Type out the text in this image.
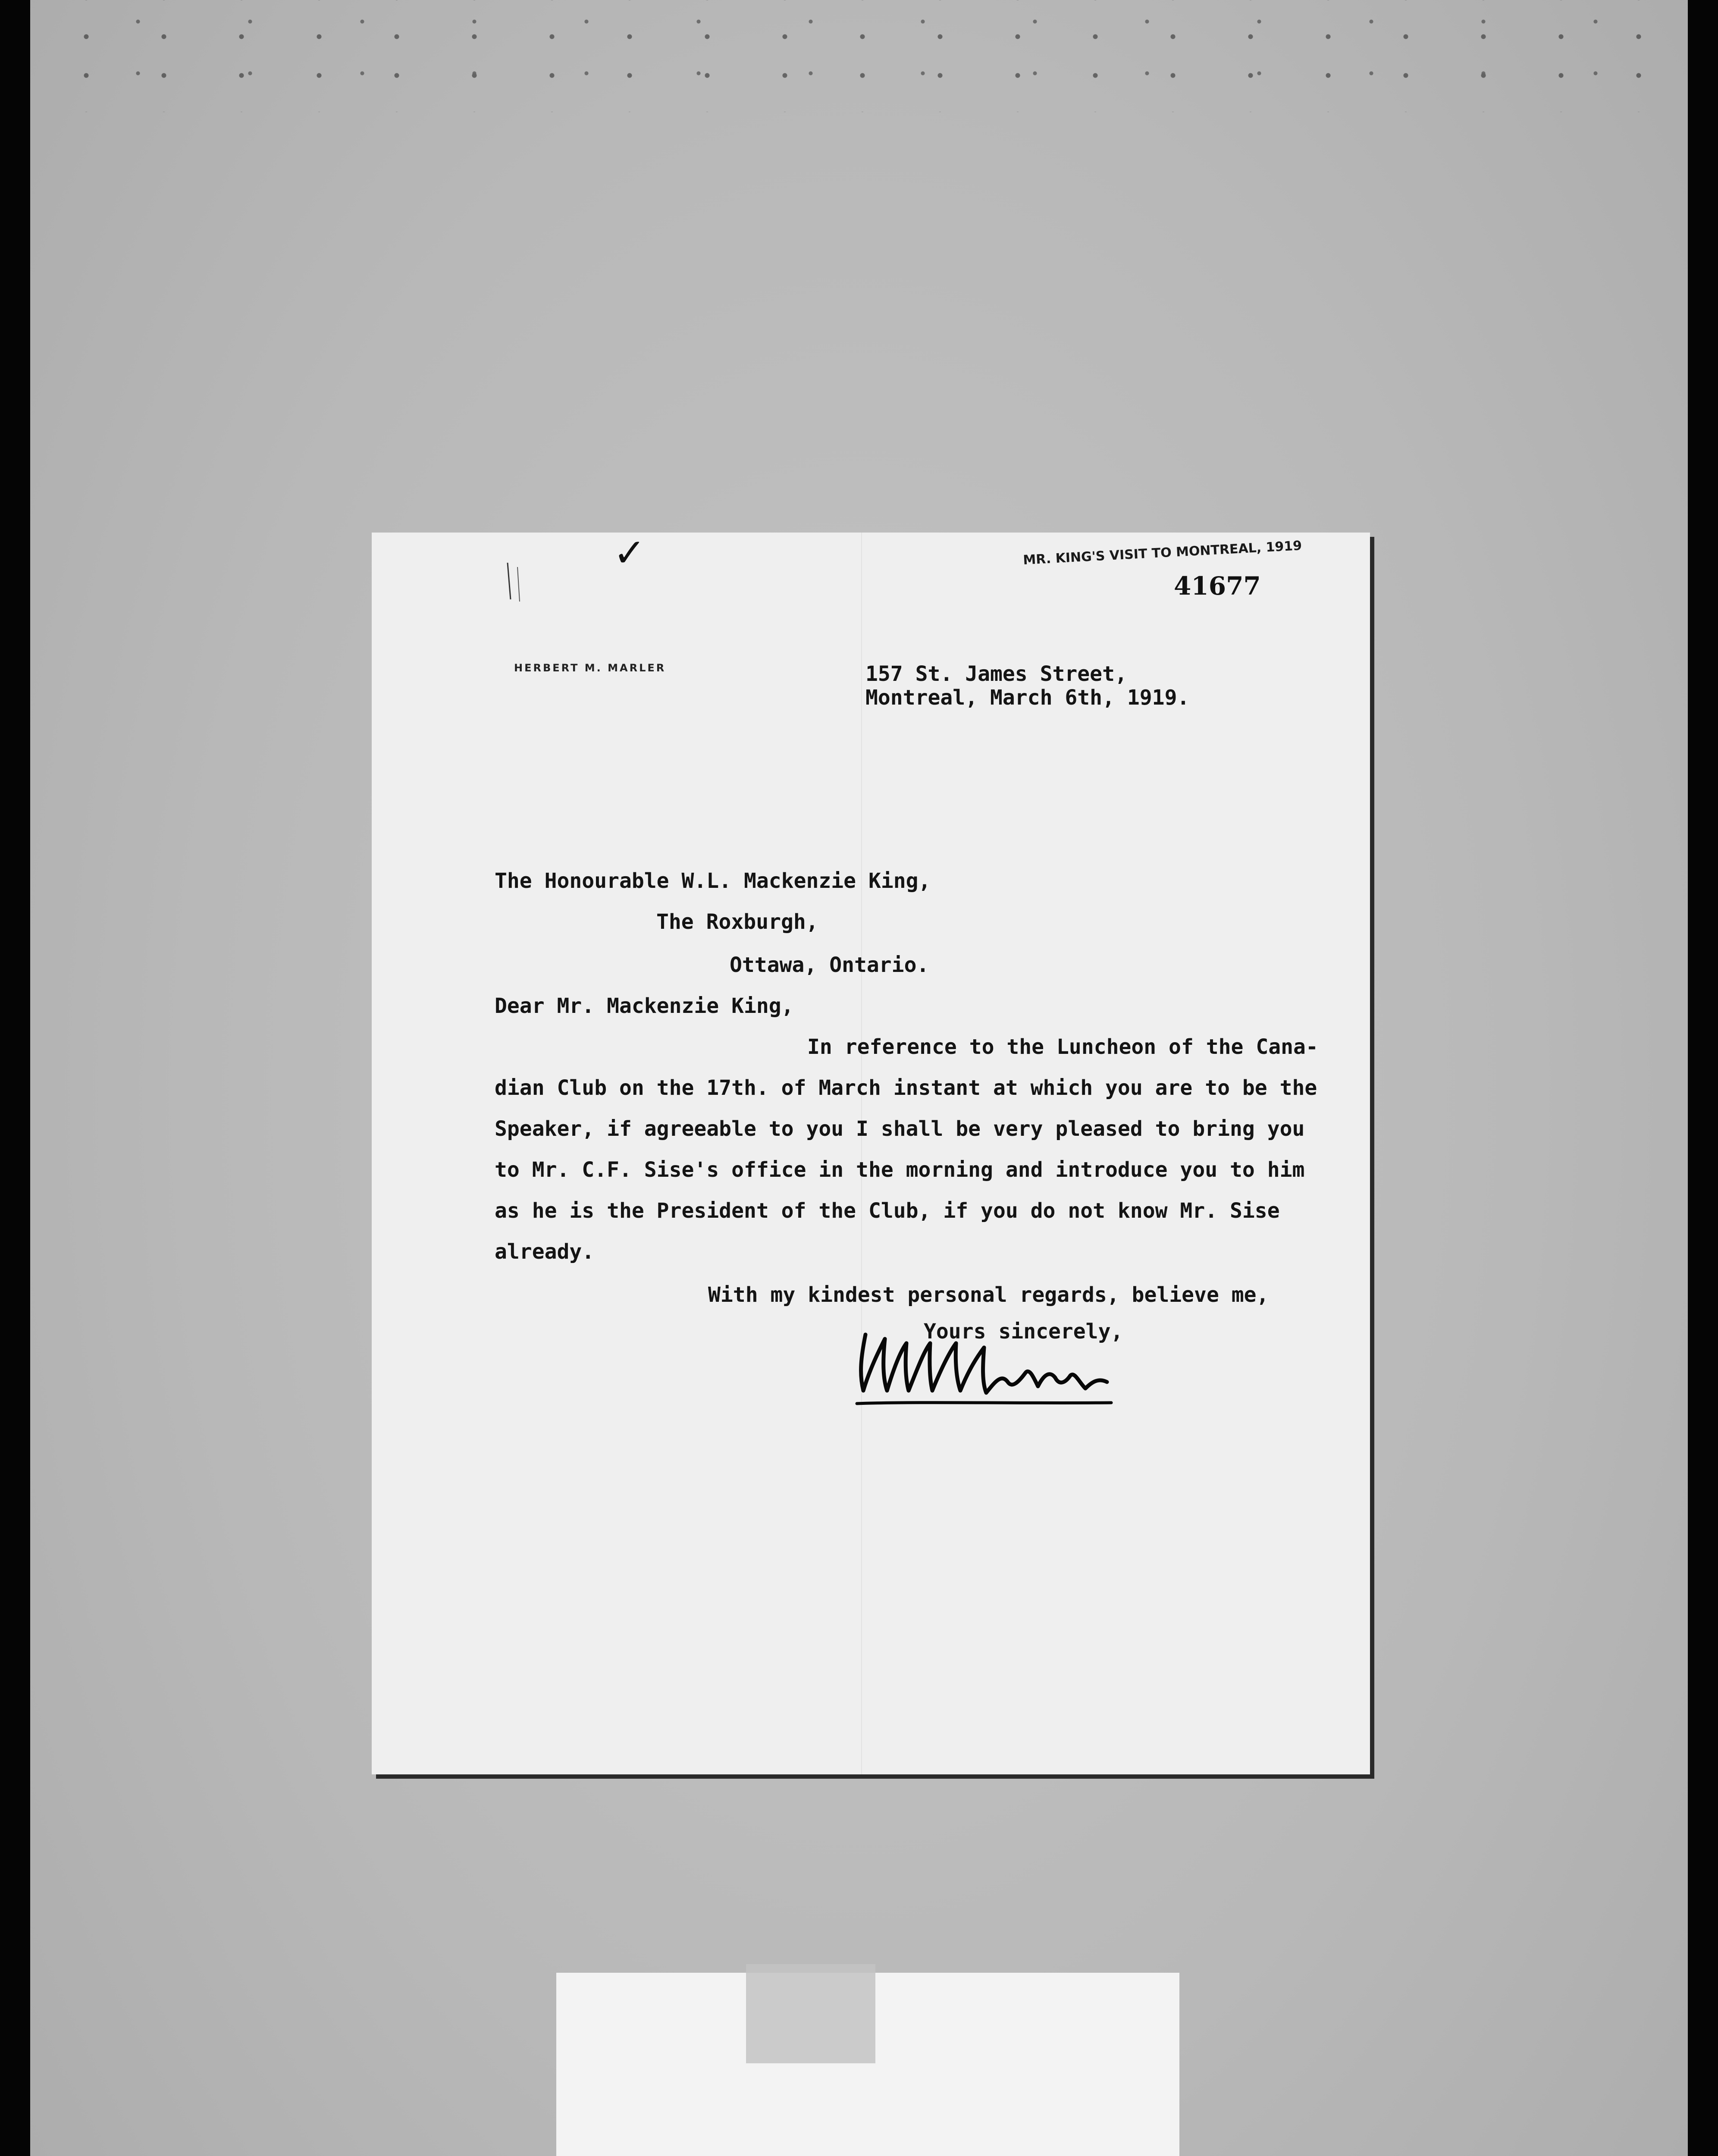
✓	MR. KING'S VISIT TO MONTREAL, 1919
41677
HERBERT M. MARLER	157 St. James Street,

Montreal, March 6th, 1919.

The Honourable W.L. Mackenzie King,

The Roxburgh,

Ottawa, Ontario.

Dear Mr. Mackenzie King,

In reference to the Luncheon of the Cana-

dian Club on the 17th. of March instant at which you are to be the

Speaker, if agreeable to you I shall be very pleased to bring you

to Mr. C.F. Sise's office in the morning and introduce you to him

as he is the President of the Club, if you do not know Mr. Sise

already.

With my kindest personal regards, believe me,

Yours sincerely,
